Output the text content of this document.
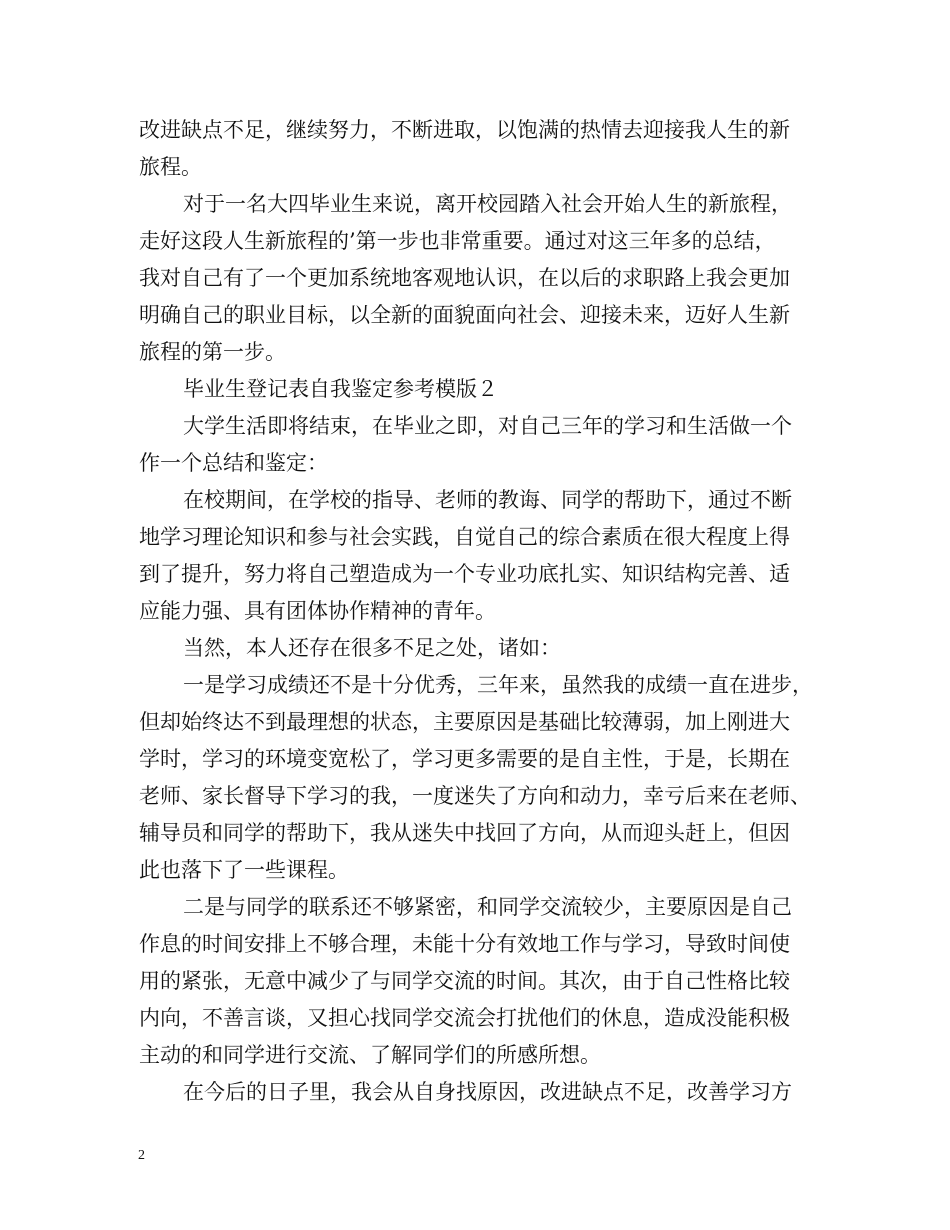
改进缺点不足，继续努力，不断进取，以饱满的热情去迎接我人生的新
旅程。
对于一名大四毕业生来说，离开校园踏入社会开始人生的新旅程，
走好这段人生新旅程的’第一步也非常重要。通过对这三年多的总结，
我对自己有了一个更加系统地客观地认识，在以后的求职路上我会更加
明确自己的职业目标，以全新的面貌面向社会、迎接未来，迈好人生新
旅程的第一步。
毕业生登记表自我鉴定参考模版２
大学生活即将结束，在毕业之即，对自己三年的学习和生活做一个
作一个总结和鉴定：
在校期间，在学校的指导、老师的教诲、同学的帮助下，通过不断
地学习理论知识和参与社会实践，自觉自己的综合素质在很大程度上得
到了提升，努力将自己塑造成为一个专业功底扎实、知识结构完善、适
应能力强、具有团体协作精神的青年。
当然，本人还存在很多不足之处，诸如：
一是学习成绩还不是十分优秀，三年来，虽然我的成绩一直在进步，
但却始终达不到最理想的状态，主要原因是基础比较薄弱，加上刚进大
学时，学习的环境变宽松了，学习更多需要的是自主性，于是，长期在
老师、家长督导下学习的我，一度迷失了方向和动力，幸亏后来在老师、
辅导员和同学的帮助下，我从迷失中找回了方向，从而迎头赶上，但因
此也落下了一些课程。
二是与同学的联系还不够紧密，和同学交流较少，主要原因是自己
作息的时间安排上不够合理，未能十分有效地工作与学习，导致时间使
用的紧张，无意中减少了与同学交流的时间。其次，由于自己性格比较
内向，不善言谈，又担心找同学交流会打扰他们的休息，造成没能积极
主动的和同学进行交流、了解同学们的所感所想。
在今后的日子里，我会从自身找原因，改进缺点不足，改善学习方
2
